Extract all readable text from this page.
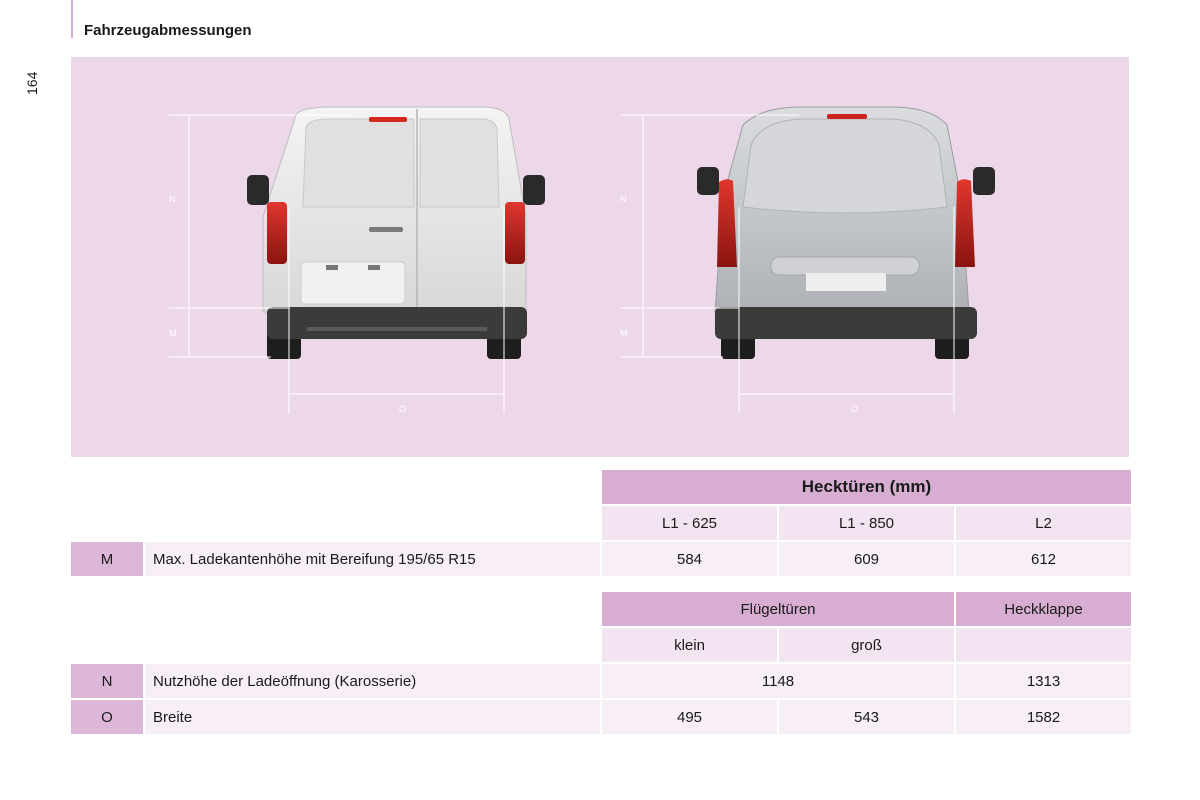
Fahrzeugabmessungen
164
N
M
O
N
M
O
		Hecktüren (mm)		
		L1 - 625	L1 - 850	L2
M	Max. Ladekantenhöhe mit Bereifung 195/65 R15	584	609	612

		Flügeltüren		Heckklappe
		klein	groß	
N	Nutzhöhe der Ladeöffnung (Karosserie)	1148		1313
O	Breite	495	543	1582
